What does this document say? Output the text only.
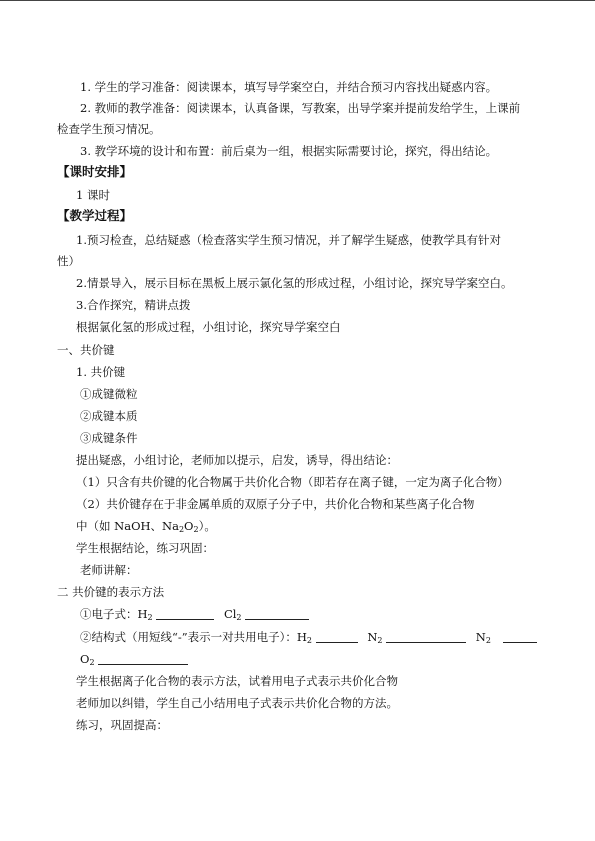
1. 学生的学习准备：阅读课本，填写导学案空白，并结合预习内容找出疑惑内容。
2. 教师的教学准备：阅读课本，认真备课，写教案，出导学案并提前发给学生，上课前
检查学生预习情况。
3. 教学环境的设计和布置：前后桌为一组，根据实际需要讨论，探究，得出结论。
【课时安排】
1 课时
【教学过程】
1.预习检查，总结疑惑（检查落实学生预习情况，并了解学生疑惑，使教学具有针对
性）
2.情景导入，展示目标在黑板上展示氯化氢的形成过程，小组讨论，探究导学案空白。
3.合作探究，精讲点拨
根据氯化氢的形成过程，小组讨论，探究导学案空白
一、共价键
1. 共价键
①成键微粒
②成键本质
③成键条件
提出疑惑，小组讨论，老师加以提示，启发，诱导，得出结论：
（1）只含有共价键的化合物属于共价化合物（即若存在离子键，一定为离子化合物）
（2）共价键存在于非金属单质的双原子分子中，共价化合物和某些离子化合物
中（如 NaOH、$Na_2O_2$）。
学生根据结论，练习巩固：
老师讲解：
二 共价键的表示方法
①电子式：$H_2$	$Cl_2$
②结构式（用短线“-”表示一对共用电子）：$H_2$	$N_2$	$N_2$
$O_2$
学生根据离子化合物的表示方法，试着用电子式表示共价化合物
老师加以纠错，学生自己小结用电子式表示共价化合物的方法。
练习，巩固提高：
